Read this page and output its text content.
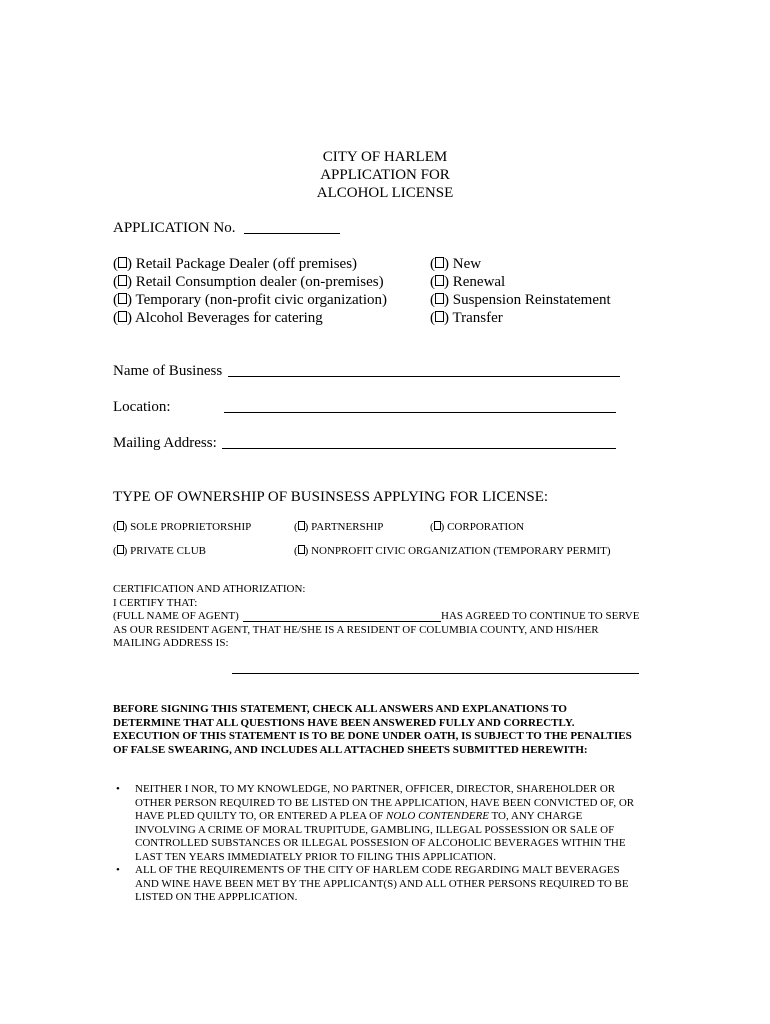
CITY OF HARLEM
APPLICATION FOR
ALCOHOL LICENSE
APPLICATION No.
( ) Retail Package Dealer (off premises)
( ) Retail Consumption dealer (on-premises)
( ) Temporary (non-profit civic organization)
( ) Alcohol Beverages for catering
( ) New
( ) Renewal
( ) Suspension Reinstatement
( ) Transfer
Name of Business
Location:
Mailing Address:
TYPE OF OWNERSHIP OF BUSINSESS APPLYING FOR LICENSE:
( ) SOLE PROPRIETORSHIP	( ) PARTNERSHIP	( ) CORPORATION
( ) PRIVATE CLUB	( ) NONPROFIT CIVIC ORGANIZATION (TEMPORARY PERMIT)
CERTIFICATION AND ATHORIZATION:
I CERTIFY THAT:
(FULL NAME OF AGENT)	HAS AGREED TO CONTINUE TO SERVE
AS OUR RESIDENT AGENT, THAT HE/SHE IS A RESIDENT OF COLUMBIA COUNTY, AND HIS/HER
MAILING ADDRESS IS:
BEFORE SIGNING THIS STATEMENT, CHECK ALL ANSWERS AND EXPLANATIONS TO
DETERMINE THAT ALL QUESTIONS HAVE BEEN ANSWERED FULLY AND CORRECTLY.
EXECUTION OF THIS STATEMENT IS TO BE DONE UNDER OATH, IS SUBJECT TO THE PENALTIES
OF FALSE SWEARING, AND INCLUDES ALL ATTACHED SHEETS SUBMITTED HEREWITH:
• NEITHER I NOR, TO MY KNOWLEDGE, NO PARTNER, OFFICER, DIRECTOR, SHAREHOLDER OR
OTHER PERSON REQUIRED TO BE LISTED ON THE APPLICATION, HAVE BEEN CONVICTED OF, OR
HAVE PLED QUILTY TO, OR ENTERED A PLEA OF NOLO CONTENDERE TO, ANY CHARGE
INVOLVING A CRIME OF MORAL TRUPITUDE, GAMBLING, ILLEGAL POSSESSION OR SALE OF
CONTROLLED SUBSTANCES OR ILLEGAL POSSESION OF ALCOHOLIC BEVERAGES WITHIN THE
LAST TEN YEARS IMMEDIATELY PRIOR TO FILING THIS APPLICATION.
• ALL OF THE REQUIREMENTS OF THE CITY OF HARLEM CODE REGARDING MALT BEVERAGES
AND WINE HAVE BEEN MET BY THE APPLICANT(S) AND ALL OTHER PERSONS REQUIRED TO BE
LISTED ON THE APPPLICATION.
